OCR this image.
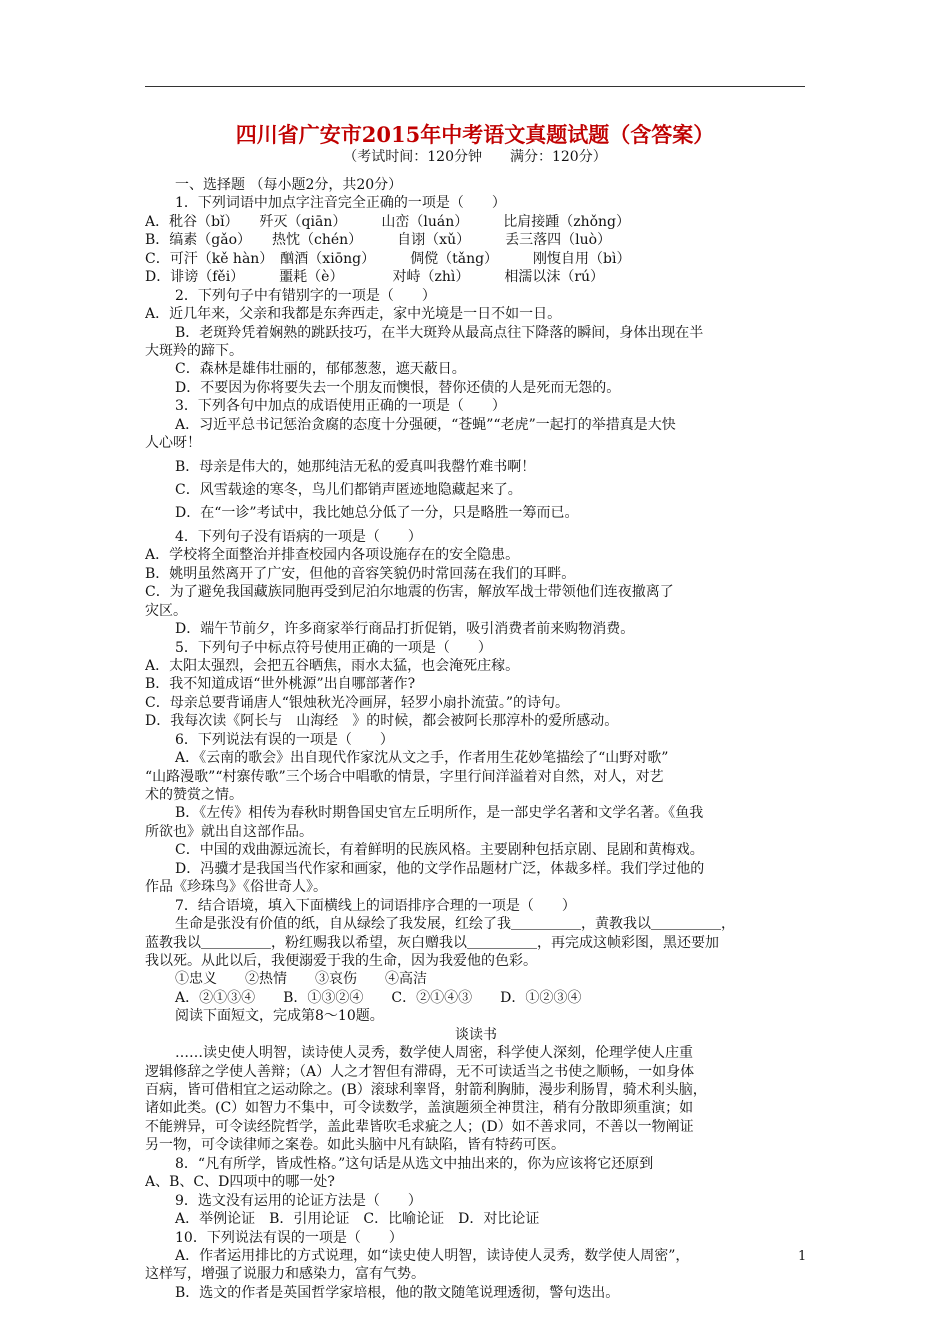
四川省广安市2015年中考语文真题试题（含答案）
（考试时间：120分钟　　满分：120分）
一、选择题 （每小题2分，共20分）
1．下列词语中加点字注音完全正确的一项是（　　）
A．秕谷（bǐ）　　歼灭（qiān）　　　山峦（luán）　　　比肩接踵（zhǒng）
B．缟素（gǎo）　　热忱（chén）　　　自诩（xǔ）　　　丢三落四（luò）
C．可汗（kě hàn）　酗酒（xiōng）　　　倜傥（tǎng）　　　刚愎自用（bì）
D．诽谤（fěi）　　　噩耗（è）　　　　对峙（zhì）　　　相濡以沫（rú）
2．下列句子中有错别字的一项是（　　）
A．近几年来，父亲和我都是东奔西走，家中光境是一日不如一日。
B．老斑羚凭着娴熟的跳跃技巧，在半大斑羚从最高点往下降落的瞬间，身体出现在半
大斑羚的蹄下。
C．森林是雄伟壮丽的，郁郁葱葱，遮天蔽日。
D．不要因为你将要失去一个朋友而懊恨，替你还债的人是死而无怨的。
3．下列各句中加点的成语使用正确的一项是（　　）
A．习近平总书记惩治贪腐的态度十分强硬，“苍蝇”“老虎”一起打的举措真是大快
人心呀！
B．母亲是伟大的，她那纯洁无私的爱真叫我罄竹难书啊！
C．风雪载途的寒冬，鸟儿们都销声匿迹地隐藏起来了。
D．在“一诊”考试中，我比她总分低了一分，只是略胜一筹而已。
4．下列句子没有语病的一项是（　　）
A．学校将全面整治并排查校园内各项设施存在的安全隐患。
B．姚明虽然离开了广安，但他的音容笑貌仍时常回荡在我们的耳畔。
C．为了避免我国藏族同胞再受到尼泊尔地震的伤害，解放军战士带领他们连夜撤离了
灾区。
D．端午节前夕，许多商家举行商品打折促销，吸引消费者前来购物消费。
5．下列句子中标点符号使用正确的一项是（　　）
A．太阳太强烈，会把五谷晒焦，雨水太猛，也会淹死庄稼。
B．我不知道成语“世外桃源”出自哪部著作?
C．母亲总要背诵唐人“银烛秋光冷画屏，轻罗小扇扑流萤。”的诗句。
D．我每次读《阿长与　山海经　》的时候，都会被阿长那淳朴的爱所感动。
6．下列说法有误的一项是（　　）
A．《云南的歌会》出自现代作家沈从文之手，作者用生花妙笔描绘了“山野对歌”
“山路漫歌”“村寨传歌”三个场合中唱歌的情景，字里行间洋溢着对自然，对人，对艺
术的赞赏之情。
B．《左传》相传为春秋时期鲁国史官左丘明所作，是一部史学名著和文学名著。《鱼我
所欲也》就出自这部作品。
C．中国的戏曲源远流长，有着鲜明的民族风格。主要剧种包括京剧、昆剧和黄梅戏。
D．冯骥才是我国当代作家和画家，他的文学作品题材广泛，体裁多样。我们学过他的
作品《珍珠鸟》《俗世奇人》。
7．结合语境，填入下面横线上的词语排序合理的一项是（　　）
生命是张没有价值的纸，自从绿绘了我发展，红绘了我＿＿＿＿＿，黄教我以＿＿＿＿＿，
蓝教我以＿＿＿＿＿，粉红赐我以希望，灰白赠我以＿＿＿＿＿，再完成这帧彩图，黑还要加
我以死。从此以后，我便溺爱于我的生命，因为我爱他的色彩。
①忠义　　②热情　　③哀伤　　④高洁
A．②①③④　　B．①③②④　　C．②①④③　　D．①②③④
阅读下面短文，完成第8～10题。
谈读书
……读史使人明智，读诗使人灵秀，数学使人周密，科学使人深刻，伦理学使人庄重
逻辑修辞之学使人善辩；（A）人之才智但有滞碍，无不可读适当之书使之顺畅，一如身体
百病，皆可借相宜之运动除之。(B）滚球利睾肾，射箭利胸肺，漫步利肠胃，骑术利头脑，
诸如此类。(C）如智力不集中，可令读数学，盖演题须全神贯注，稍有分散即须重演；如
不能辨异，可令读经院哲学，盖此辈皆吹毛求疵之人；(D）如不善求同，不善以一物阐证
另一物，可令读律师之案卷。如此头脑中凡有缺陷，皆有特药可医。
8．“凡有所学，皆成性格。”这句话是从选文中抽出来的，你为应该将它还原到
A、B、C、D四项中的哪一处?
9．选文没有运用的论证方法是（　　）
A．举例论证　B．引用论证　C．比喻论证　D．对比论证
10．下列说法有误的一项是（　　）
A．作者运用排比的方式说理，如“读史使人明智，读诗使人灵秀，数学使人周密”，
这样写，增强了说服力和感染力，富有气势。
B．选文的作者是英国哲学家培根，他的散文随笔说理透彻，警句迭出。
1
